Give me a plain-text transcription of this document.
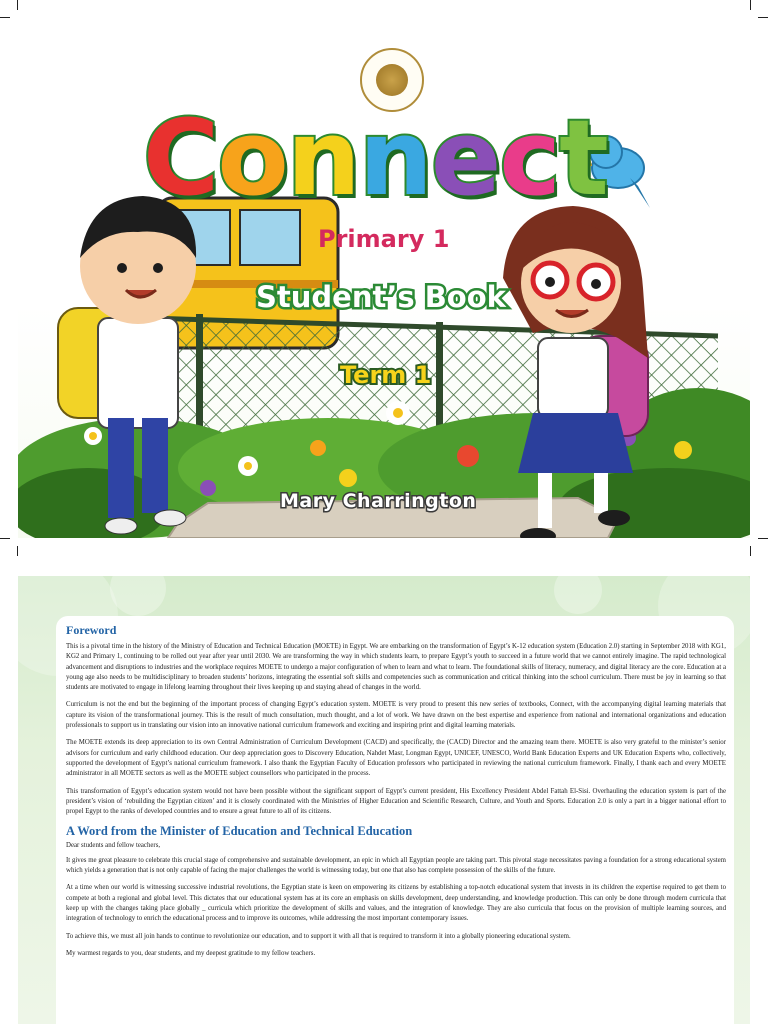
Connect
Primary 1
Student’s Book
Term 1
Mary Charrington
Foreword

This is a pivotal time in the history of the Ministry of Education and Technical Education (MOETE) in Egypt. We are embarking on the transformation of Egypt’s K-12 education system (Education 2.0) starting in September 2018 with KG1, KG2 and Primary 1, continuing to be rolled out year after year until 2030. We are transforming the way in which students learn, to prepare Egypt’s youth to succeed in a future world that we cannot entirely imagine. The rapid technological advancement and disruptions to industries and the workplace requires MOETE to undergo a major configuration of when to learn and what to learn. The foundational skills of literacy, numeracy, and digital literacy are the core. Education at a young age also needs to be multidisciplinary to broaden students’ horizons, integrating the essential soft skills and competencies such as communication and critical thinking into the school curriculum. There must be joy in learning so that students are motivated to engage in lifelong learning throughout their lives keeping up and staying ahead of changes in the world.

Curriculum is not the end but the beginning of the important process of changing Egypt’s education system. MOETE is very proud to present this new series of textbooks, Connect, with the accompanying digital learning materials that capture its vision of the transformational journey. This is the result of much consultation, much thought, and a lot of work. We have drawn on the best expertise and experience from national and international organizations and education professionals to support us in translating our vision into an innovative national curriculum framework and exciting and inspiring print and digital learning materials.

The MOETE extends its deep appreciation to its own Central Administration of Curriculum Development (CACD) and specifically, the (CACD) Director and the amazing team there. MOETE is also very grateful to the minister’s senior advisors for curriculum and early childhood education. Our deep appreciation goes to Discovery Education, Nahdet Masr, Longman Egypt, UNICEF, UNESCO, World Bank Education Experts and UK Education Experts who, collectively, supported the development of Egypt’s national curriculum framework. I also thank the Egyptian Faculty of Education professors who participated in reviewing the national curriculum framework. Finally, I thank each and every MOETE administrator in all MOETE sectors as well as the MOETE subject counsellors who participated in the process.

This transformation of Egypt’s education system would not have been possible without the significant support of Egypt’s current president, His Excellency President Abdel Fattah El-Sisi. Overhauling the education system is part of the president’s vision of ‘rebuilding the Egyptian citizen’ and it is closely coordinated with the Ministries of Higher Education and Scientific Research, Culture, and Youth and Sports. Education 2.0 is only a part in a bigger national effort to propel Egypt to the ranks of developed countries and to ensure a great future to all of its citizens.

A Word from the Minister of Education and Technical Education

Dear students and fellow teachers,

It gives me great pleasure to celebrate this crucial stage of comprehensive and sustainable development, an epic in which all Egyptian people are taking part. This pivotal stage necessitates paving a foundation for a strong educational system which yields a generation that is not only capable of facing the major challenges the world is witnessing today, but one that also has complete possession of the skills of the future.

At a time when our world is witnessing successive industrial revolutions, the Egyptian state is keen on empowering its citizens by establishing a top-notch educational system that invests in its children the expertise required to get them to compete at both a regional and global level. This dictates that our educational system has at its core an emphasis on skills development, deep understanding, and knowledge production. This can only be done through modern curricula that keep up with the changes taking place globally _ curricula which prioritize the development of skills and values, and the integration of knowledge. They are also curricula that focus on the provision of multiple learning sources, and integration of technology to enrich the educational process and to improve its outcomes, while addressing the most important contemporary issues.

To achieve this, we must all join hands to continue to revolutionize our education, and to support it with all that is required to transform it into a globally pioneering educational system.

My warmest regards to you, dear students, and my deepest gratitude to my fellow teachers.
